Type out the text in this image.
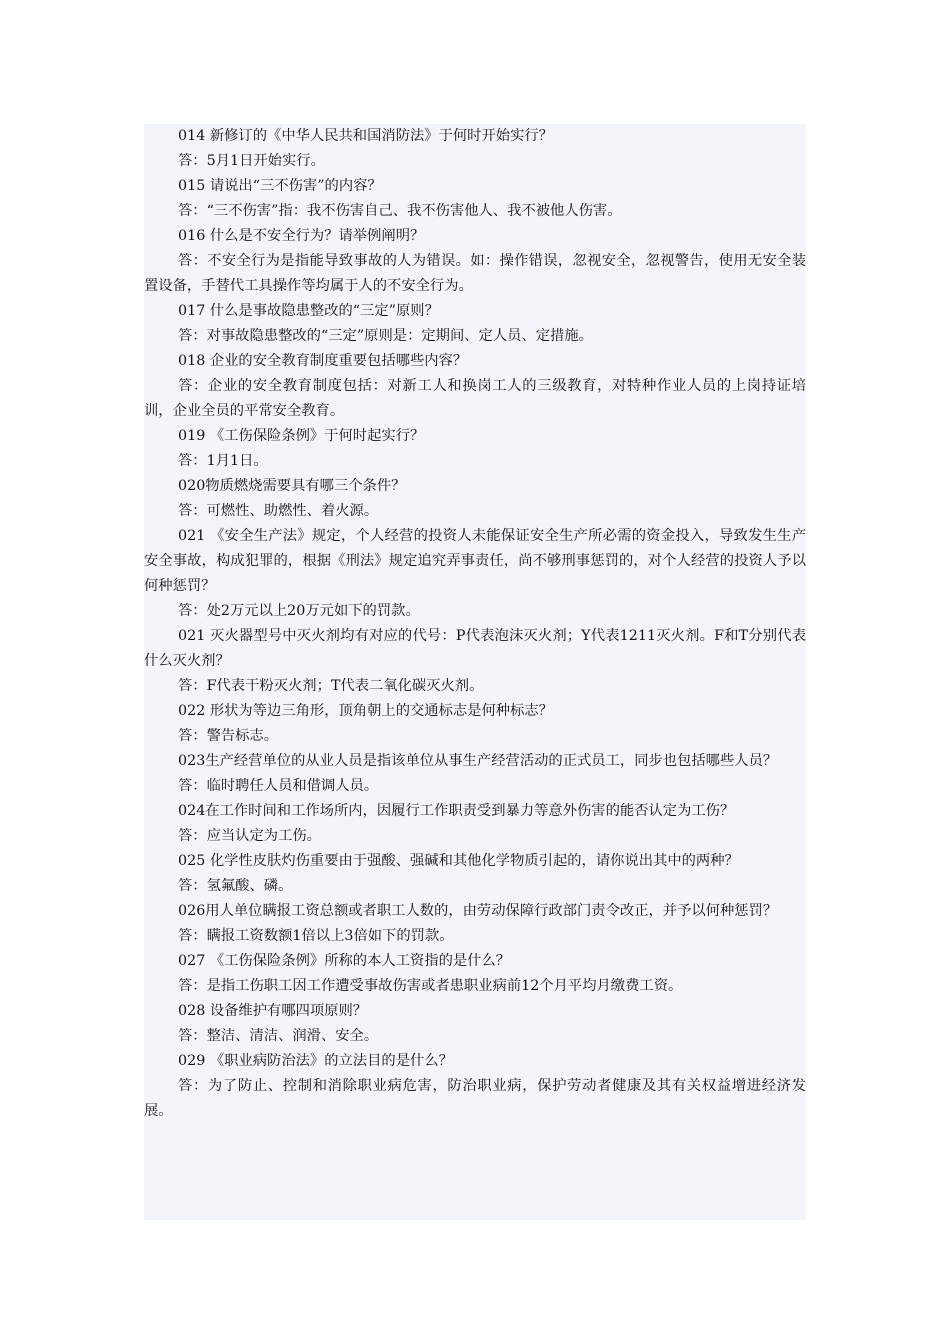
014 新修订的《中华人民共和国消防法》于何时开始实行？

答：5月1日开始实行。

015 请说出“三不伤害”的内容？

答：“三不伤害”指：我不伤害自己、我不伤害他人、我不被他人伤害。

016 什么是不安全行为？请举例阐明？

答：不安全行为是指能导致事故的人为错误。如：操作错误，忽视安全，忽视警告，使用无安全装置设备，手替代工具操作等均属于人的不安全行为。

017 什么是事故隐患整改的“三定”原则？

答：对事故隐患整改的“三定”原则是：定期间、定人员、定措施。

018 企业的安全教育制度重要包括哪些内容？

答：企业的安全教育制度包括：对新工人和换岗工人的三级教育，对特种作业人员的上岗持证培训，企业全员的平常安全教育。

019 《工伤保险条例》于何时起实行？

答：1月1日。

020物质燃烧需要具有哪三个条件？

答：可燃性、助燃性、着火源。

021 《安全生产法》规定，个人经营的投资人未能保证安全生产所必需的资金投入，导致发生生产安全事故，构成犯罪的，根据《刑法》规定追究弄事责任，尚不够刑事惩罚的，对个人经营的投资人予以何种惩罚？

答：处2万元以上20万元如下的罚款。

021 灭火器型号中灭火剂均有对应的代号：P代表泡沫灭火剂；Y代表1211灭火剂。F和T分别代表什么灭火剂？

答：F代表干粉灭火剂；T代表二氧化碳灭火剂。

022 形状为等边三角形，顶角朝上的交通标志是何种标志？

答：警告标志。

023生产经营单位的从业人员是指该单位从事生产经营活动的正式员工，同步也包括哪些人员？

答：临时聘任人员和借调人员。

024在工作时间和工作场所内，因履行工作职责受到暴力等意外伤害的能否认定为工伤？

答：应当认定为工伤。

025 化学性皮肤灼伤重要由于强酸、强碱和其他化学物质引起的，请你说出其中的两种？

答：氢氟酸、磷。

026用人单位瞒报工资总额或者职工人数的，由劳动保障行政部门责令改正，并予以何种惩罚？

答：瞒报工资数额1倍以上3倍如下的罚款。

027 《工伤保险条例》所称的本人工资指的是什么？

答：是指工伤职工因工作遭受事故伤害或者患职业病前12个月平均月缴费工资。

028 设备维护有哪四项原则？

答：整洁、清洁、润滑、安全。

029 《职业病防治法》的立法目的是什么？

答：为了防止、控制和消除职业病危害，防治职业病，保护劳动者健康及其有关权益增进经济发展。
